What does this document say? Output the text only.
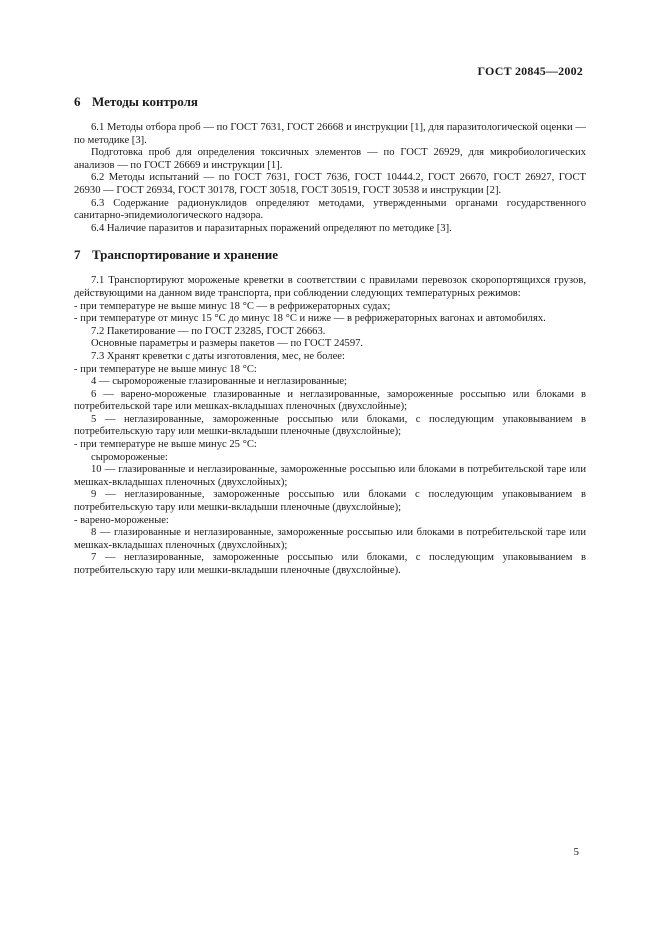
ГОСТ 20845—2002
6 Методы контроля

6.1 Методы отбора проб — по ГОСТ 7631, ГОСТ 26668 и инструкции [1], для паразитологической оценки — по методике [3].

Подготовка проб для определения токсичных элементов — по ГОСТ 26929, для микробиологических анализов — по ГОСТ 26669 и инструкции [1].

6.2 Методы испытаний — по ГОСТ 7631, ГОСТ 7636, ГОСТ 10444.2, ГОСТ 26670, ГОСТ 26927, ГОСТ 26930 — ГОСТ 26934, ГОСТ 30178, ГОСТ 30518, ГОСТ 30519, ГОСТ 30538 и инструкции [2].

6.3 Содержание радионуклидов определяют методами, утвержденными органами государственного санитарно-эпидемиологического надзора.

6.4 Наличие паразитов и паразитарных поражений определяют по методике [3].

7 Транспортирование и хранение

7.1 Транспортируют мороженые креветки в соответствии с правилами перевозок скоропортящихся грузов, действующими на данном виде транспорта, при соблюдении следующих температурных режимов:

- при температуре не выше минус 18 °С — в рефрижераторных судах;

- при температуре от минус 15 °С до минус 18 °С и ниже — в рефрижераторных вагонах и автомобилях.

7.2 Пакетирование — по ГОСТ 23285, ГОСТ 26663.

Основные параметры и размеры пакетов — по ГОСТ 24597.

7.3 Хранят креветки с даты изготовления, мес, не более:

- при температуре не выше минус 18 °С:

4 — сыромороженые глазированные и неглазированные;

6 — варено-мороженые глазированные и неглазированные, замороженные россыпью или блоками в потребительской таре или мешках-вкладышах пленочных (двухслойные);

5 — неглазированные, замороженные россыпью или блоками, с последующим упаковыванием в потребительскую тару или мешки-вкладыши пленочные (двухслойные);

- при температуре не выше минус 25 °С:

сыромороженые:

10 — глазированные и неглазированные, замороженные россыпью или блоками в потребительской таре или мешках-вкладышах пленочных (двухслойных);

9 — неглазированные, замороженные россыпью или блоками с последующим упаковыванием в потребительскую тару или мешки-вкладыши пленочные (двухслойные);

- варено-мороженые:

8 — глазированные и неглазированные, замороженные россыпью или блоками в потребительской таре или мешках-вкладышах пленочных (двухслойных);

7 — неглазированные, замороженные россыпью или блоками, с последующим упаковыванием в потребительскую тару или мешки-вкладыши пленочные (двухслойные).

5
